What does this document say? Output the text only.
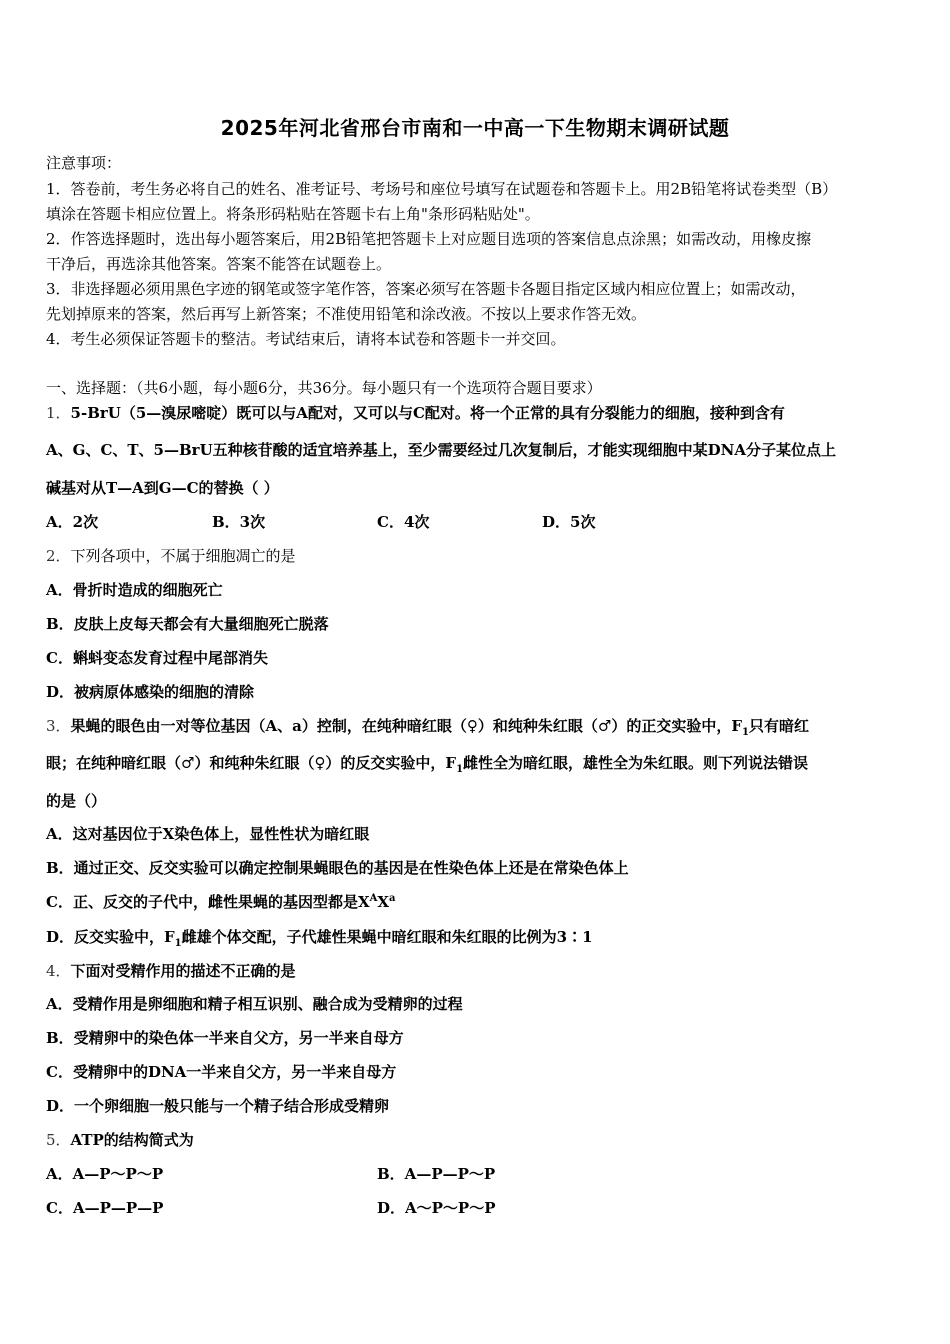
2025年河北省邢台市南和一中高一下生物期末调研试题
注意事项：
1．答卷前，考生务必将自己的姓名、准考证号、考场号和座位号填写在试题卷和答题卡上。用2B铅笔将试卷类型（B）
填涂在答题卡相应位置上。将条形码粘贴在答题卡右上角"条形码粘贴处"。
2．作答选择题时，选出每小题答案后，用2B铅笔把答题卡上对应题目选项的答案信息点涂黑；如需改动，用橡皮擦
干净后，再选涂其他答案。答案不能答在试题卷上。
3．非选择题必须用黑色字迹的钢笔或签字笔作答，答案必须写在答题卡各题目指定区域内相应位置上；如需改动，
先划掉原来的答案，然后再写上新答案；不准使用铅笔和涂改液。不按以上要求作答无效。
4．考生必须保证答题卡的整洁。考试结束后，请将本试卷和答题卡一并交回。
一、选择题：（共6小题，每小题6分，共36分。每小题只有一个选项符合题目要求）
1．5-BrU（5—溴尿嘧啶）既可以与A配对，又可以与C配对。将一个正常的具有分裂能力的细胞，接种到含有
A、G、C、T、5—BrU五种核苷酸的适宜培养基上，至少需要经过几次复制后，才能实现细胞中某DNA分子某位点上
碱基对从T—A到G—C的替换（ ）
A．2次	B．3次	C．4次	D．5次
2．下列各项中，不属于细胞凋亡的是
A．骨折时造成的细胞死亡
B．皮肤上皮每天都会有大量细胞死亡脱落
C．蝌蚪变态发育过程中尾部消失
D．被病原体感染的细胞的清除
3．果蝇的眼色由一对等位基因（A、a）控制，在纯种暗红眼（♀）和纯种朱红眼（♂）的正交实验中，$F_1$只有暗红
眼；在纯种暗红眼（♂）和纯种朱红眼（♀）的反交实验中，$F_1$雌性全为暗红眼，雄性全为朱红眼。则下列说法错误
的是（）
A．这对基因位于X染色体上，显性性状为暗红眼
B．通过正交、反交实验可以确定控制果蝇眼色的基因是在性染色体上还是在常染色体上
C．正、反交的子代中，雌性果蝇的基因型都是$X^AX^a$
D．反交实验中，$F_1$雌雄个体交配，子代雄性果蝇中暗红眼和朱红眼的比例为3∶1
4．下面对受精作用的描述不正确的是
A．受精作用是卵细胞和精子相互识别、融合成为受精卵的过程
B．受精卵中的染色体一半来自父方，另一半来自母方
C．受精卵中的DNA一半来自父方，另一半来自母方
D．一个卵细胞一般只能与一个精子结合形成受精卵
5．ATP的结构简式为
A．A—P～P～P	B．A—P—P～P
C．A—P—P—P	D．A～P～P～P
